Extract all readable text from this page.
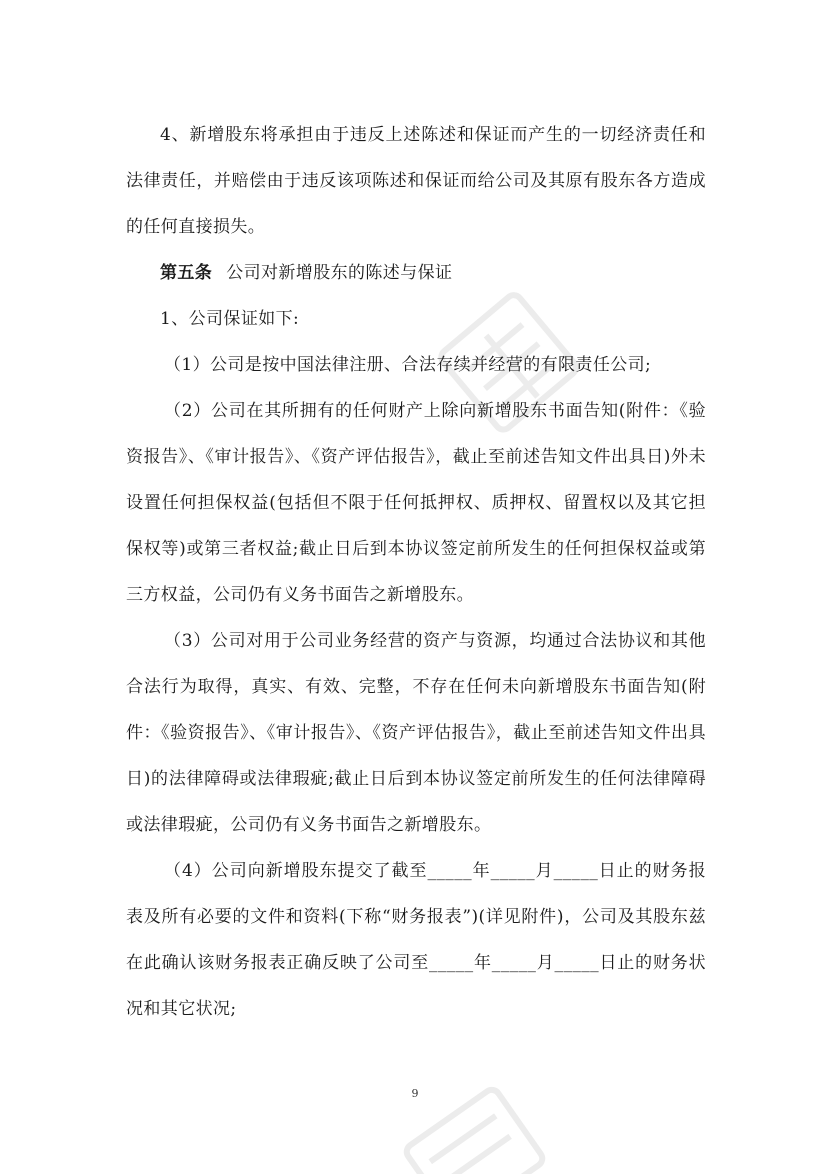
4、新增股东将承担由于违反上述陈述和保证而产生的一切经济责任和法律责任，并赔偿由于违反该项陈述和保证而给公司及其原有股东各方造成的任何直接损失。

第五条 公司对新增股东的陈述与保证

1、公司保证如下:

（1）公司是按中国法律注册、合法存续并经营的有限责任公司;

（2）公司在其所拥有的任何财产上除向新增股东书面告知(附件：《验资报告》、《审计报告》、《资产评估报告》，截止至前述告知文件出具日)外未设置任何担保权益(包括但不限于任何抵押权、质押权、留置权以及其它担保权等)或第三者权益;截止日后到本协议签定前所发生的任何担保权益或第三方权益，公司仍有义务书面告之新增股东。

（3）公司对用于公司业务经营的资产与资源，均通过合法协议和其他合法行为取得，真实、有效、完整，不存在任何未向新增股东书面告知(附件：《验资报告》、《审计报告》、《资产评估报告》，截止至前述告知文件出具日)的法律障碍或法律瑕疵;截止日后到本协议签定前所发生的任何法律障碍或法律瑕疵，公司仍有义务书面告之新增股东。

（4）公司向新增股东提交了截至_____年_____月_____日止的财务报表及所有必要的文件和资料(下称“财务报表”)(详见附件)，公司及其股东兹在此确认该财务报表正确反映了公司至_____年_____月_____日止的财务状况和其它状况;

9
